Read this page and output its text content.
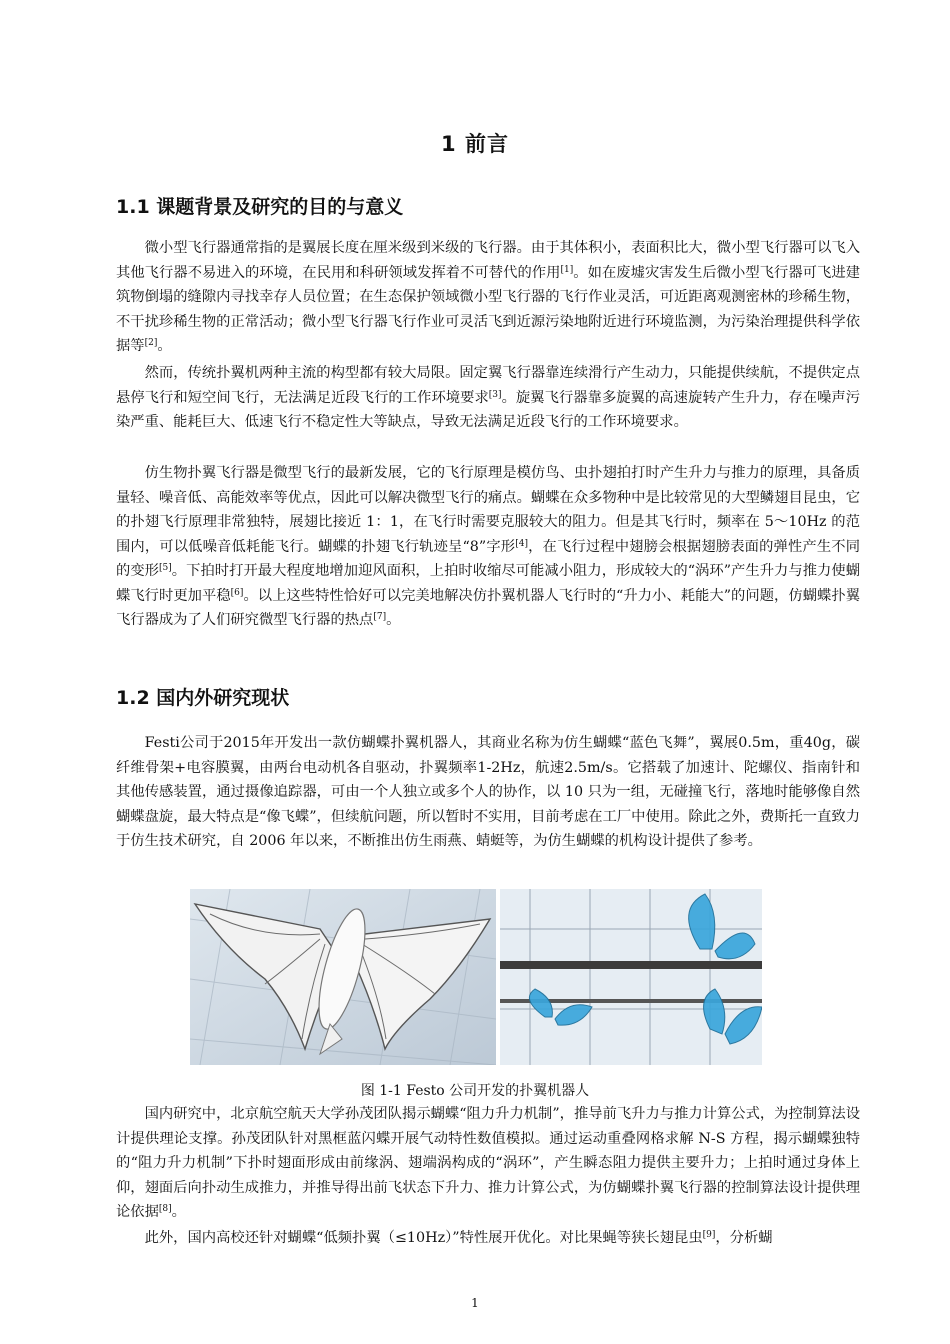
1 前言
1.1 课题背景及研究的目的与意义

微小型飞行器通常指的是翼展长度在厘米级到米级的飞行器。由于其体积小，表面积比大，微小型飞行器可以飞入其他飞行器不易进入的环境，在民用和科研领域发挥着不可替代的作用[1]。如在废墟灾害发生后微小型飞行器可飞进建筑物倒塌的缝隙内寻找幸存人员位置；在生态保护领域微小型飞行器的飞行作业灵活，可近距离观测密林的珍稀生物，不干扰珍稀生物的正常活动；微小型飞行器飞行作业可灵活飞到近源污染地附近进行环境监测，为污染治理提供科学依据等[2]。

然而，传统扑翼机两种主流的构型都有较大局限。固定翼飞行器靠连续滑行产生动力，只能提供续航，不提供定点悬停飞行和短空间飞行，无法满足近段飞行的工作环境要求[3]。旋翼飞行器靠多旋翼的高速旋转产生升力，存在噪声污染严重、能耗巨大、低速飞行不稳定性大等缺点，导致无法满足近段飞行的工作环境要求。

仿生物扑翼飞行器是微型飞行的最新发展，它的飞行原理是模仿鸟、虫扑翅拍打时产生升力与推力的原理，具备质量轻、噪音低、高能效率等优点，因此可以解决微型飞行的痛点。蝴蝶在众多物种中是比较常见的大型鳞翅目昆虫，它的扑翅飞行原理非常独特，展翅比接近 1：1，在飞行时需要克服较大的阻力。但是其飞行时，频率在 5～10Hz 的范围内，可以低噪音低耗能飞行。蝴蝶的扑翅飞行轨迹呈“8”字形[4]，在飞行过程中翅膀会根据翅膀表面的弹性产生不同的变形[5]。下拍时打开最大程度地增加迎风面积，上拍时收缩尽可能减小阻力，形成较大的“涡环”产生升力与推力使蝴蝶飞行时更加平稳[6]。以上这些特性恰好可以完美地解决仿扑翼机器人飞行时的“升力小、耗能大”的问题，仿蝴蝶扑翼飞行器成为了人们研究微型飞行器的热点[7]。

1.2 国内外研究现状

Festi公司于2015年开发出一款仿蝴蝶扑翼机器人，其商业名称为仿生蝴蝶“蓝色飞舞”，翼展0.5m，重40g，碳纤维骨架+电容膜翼，由两台电动机各自驱动，扑翼频率1-2Hz，航速2.5m/s。它搭载了加速计、陀螺仪、指南针和其他传感装置，通过摄像追踪器，可由一个人独立或多个人的协作，以 10 只为一组，无碰撞飞行，落地时能够像自然蝴蝶盘旋，最大特点是“像飞蝶”，但续航问题，所以暂时不实用，目前考虑在工厂中使用。除此之外，费斯托一直致力于仿生技术研究，自 2006 年以来，不断推出仿生雨燕、蜻蜓等，为仿生蝴蝶的机构设计提供了参考。

图 1-1 Festo 公司开发的扑翼机器人

国内研究中，北京航空航天大学孙茂团队揭示蝴蝶“阻力升力机制”，推导前飞升力与推力计算公式，为控制算法设计提供理论支撑。孙茂团队针对黑框蓝闪蝶开展气动特性数值模拟。通过运动重叠网格求解 N-S 方程，揭示蝴蝶独特的“阻力升力机制”下扑时翅面形成由前缘涡、翅端涡构成的“涡环”，产生瞬态阻力提供主要升力；上拍时通过身体上仰，翅面后向扑动生成推力，并推导得出前飞状态下升力、推力计算公式，为仿蝴蝶扑翼飞行器的控制算法设计提供理论依据[8]。

此外，国内高校还针对蝴蝶“低频扑翼（≤10Hz）”特性展开优化。对比果蝇等狭长翅昆虫[9]，分析蝴

1
